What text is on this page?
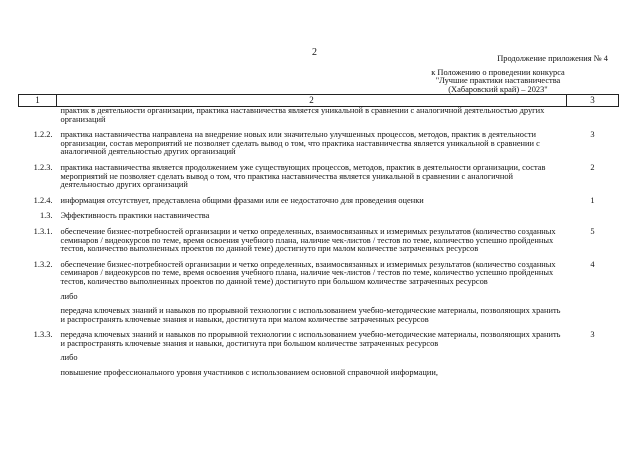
2
Продолжение приложения № 4
к Положению о проведении конкурса
"Лучшие практики наставничества
(Хабаровский край) – 2023"
1	2	3
	практик в деятельности организации, практика наставничества является уникальной в сравнении с аналогичной деятельностью других организаций	

1.2.2.	практика наставничества направлена на внедрение новых или значительно улучшенных процессов, методов, практик в деятельности организации, состав мероприятий не позволяет сделать вывод о том, что практика наставничества является уникальной в сравнении с аналогичной деятельностью других организаций	3

1.2.3.	практика наставничества является продолжением уже существующих процессов, методов, практик в деятельности организации, состав мероприятий не позволяет сделать вывод о том, что практика наставничества является уникальной в сравнении с аналогичной деятельностью других организаций	2

1.2.4.	информация отсутствует, представлена общими фразами или ее недостаточно для проведения оценки	1

1.3.	Эффективность практики наставничества	

1.3.1.	обеспечение бизнес-потребностей организации и четко определенных, взаимосвязанных и измеримых результатов (количество созданных семинаров / видеокурсов по теме, время освоения учебного плана, наличие чек-листов / тестов по теме, количество успешно пройденных тестов, количество выполненных проектов по данной теме) достигнуто при малом количестве затраченных ресурсов	5

1.3.2.	обеспечение бизнес-потребностей организации и четко определенных, взаимосвязанных и измеримых результатов (количество созданных семинаров / видеокурсов по теме, время освоения учебного плана, наличие чек-листов / тестов по теме, количество успешно пройденных тестов, количество выполненных проектов по данной теме) достигнуто при большом количестве затраченных ресурсов

либо

передача ключевых знаний и навыков по прорывной технологии с использованием учебно-методические материалы, позволяющих хранить и распространять ключевые знания и навыки, достигнута при малом количестве затраченных ресурсов	4

1.3.3.	передача ключевых знаний и навыков по прорывной технологии с использованием учебно-методические материалы, позволяющих хранить и распространять ключевые знания и навыки, достигнута при большом количестве затраченных ресурсов

либо

повышение профессионального уровня участников с использованием основной справочной информации,	3
